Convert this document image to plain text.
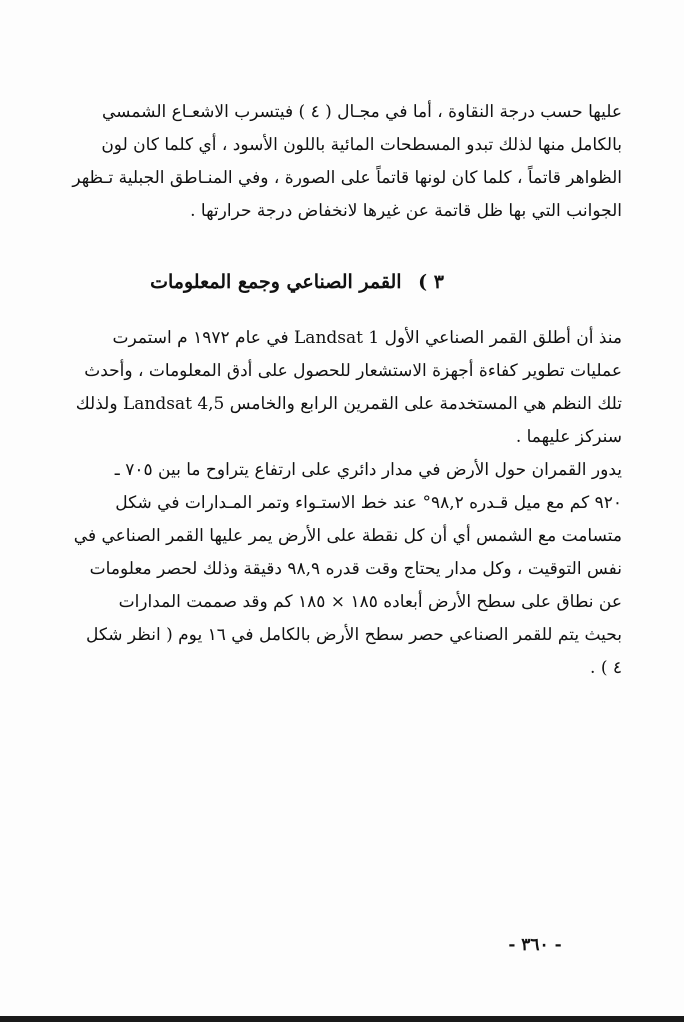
عليها حسب درجة النقاوة ، أما في مجـال ( ٤ ) فيتسرب الاشعـاع الشمسي
بالكامل منها لذلك تبدو المسطحات المائية باللون الأسود ، أي كلما كان لون
الظواهر قاتماً ، كلما كان لونها قاتماً على الصورة ، وفي المنـاطق الجبلية تـظهر
الجوانب التي بها ظل قاتمة عن غيرها لانخفاض درجة حرارتها .
٣ ) القمر الصناعي وجمع المعلومات
منذ أن أطلق القمر الصناعي الأول Landsat 1 في عام ١٩٧٢ م استمرت
عمليات تطوير كفاءة أجهزة الاستشعار للحصول على أدق المعلومات ، وأحدث
تلك النظم هي المستخدمة على القمرين الرابع والخامس Landsat 4,5 ولذلك
سنركز عليهما .
يدور القمران حول الأرض في مدار دائري على ارتفاع يتراوح ما بين ٧٠٥ ـ
٩٢٠ كم مع ميل قـدره ٩٨,٢° عند خط الاستـواء وتمر المـدارات في شكل
متسامت مع الشمس أي أن كل نقطة على الأرض يمر عليها القمر الصناعي في
نفس التوقيت ، وكل مدار يحتاج وقت قدره ٩٨,٩ دقيقة وذلك لحصر معلومات
عن نطاق على سطح الأرض أبعاده ١٨٥ × ١٨٥ كم وقد صممت المدارات
بحيث يتم للقمر الصناعي حصر سطح الأرض بالكامل في ١٦ يوم ( انظر شكل
٤ ) .
- ٣٦٠ -
